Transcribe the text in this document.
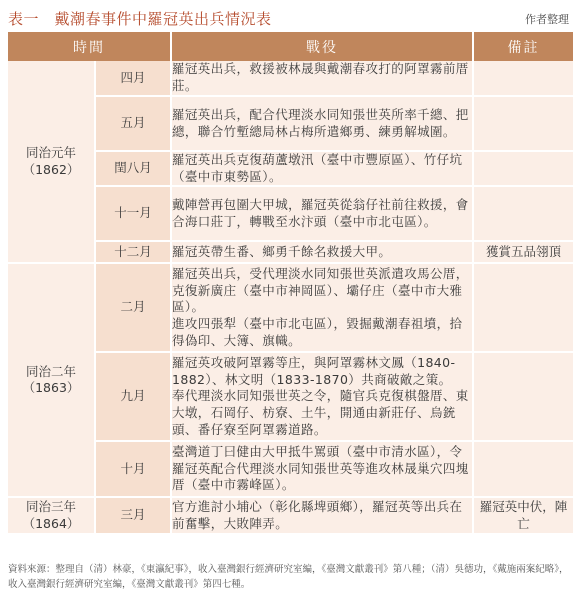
表一　戴潮春事件中羅冠英出兵情況表	作者整理
時間		戰役	備註
同治元年
（1862）	四月	羅冠英出兵，救援被林晟與戴潮春攻打的阿罩霧前厝莊。	
	五月	羅冠英出兵，配合代理淡水同知張世英所率千總、把總，聯合竹塹總局林占梅所遣鄉勇、練勇解城圍。	
	閏八月	羅冠英出兵克復葫蘆墩汛（臺中市豐原區）、竹仔坑（臺中市東勢區）。	
	十一月	戴陣營再包圍大甲城，羅冠英從翁仔社前往救援，會合海口莊丁，轉戰至水汴頭（臺中市北屯區）。	
	十二月	羅冠英帶生番、鄉勇千餘名救援大甲。	獲賞五品翎頂
同治二年
（1863）	二月	羅冠英出兵，受代理淡水同知張世英派遣攻馬公厝，克復新廣庄（臺中市神岡區）、壩仔庄（臺中市大雅區）。
進攻四張犁（臺中市北屯區），毀掘戴潮春祖墳，拾得偽印、大簿、旗幟。	
	九月	羅冠英攻破阿罩霧等庄，與阿罩霧林文鳳（1840-1882）、林文明（1833-1870）共商破敵之策。
奉代理淡水同知張世英之令，隨官兵克復棋盤厝、東大墩，石岡仔、枋寮、土牛，開通由新莊仔、烏銃頭、番仔寮至阿罩霧道路。	
	十月	臺灣道丁曰健由大甲抵牛罵頭（臺中市清水區），令羅冠英配合代理淡水同知張世英等進攻林晟巢穴四塊厝（臺中市霧峰區）。	
同治三年
（1864）	三月	官方進討小埔心（彰化縣埤頭鄉），羅冠英等出兵在前奮擊，大敗陣弄。	羅冠英中伏，陣亡
資料來源：整理自（清）林豪，《東瀛紀事》，收入臺灣銀行經濟研究室編，《臺灣文獻叢刊》第八種；（清）吳德功，《戴施兩案紀略》，收入臺灣銀行經濟研究室編，《臺灣文獻叢刊》第四七種。
